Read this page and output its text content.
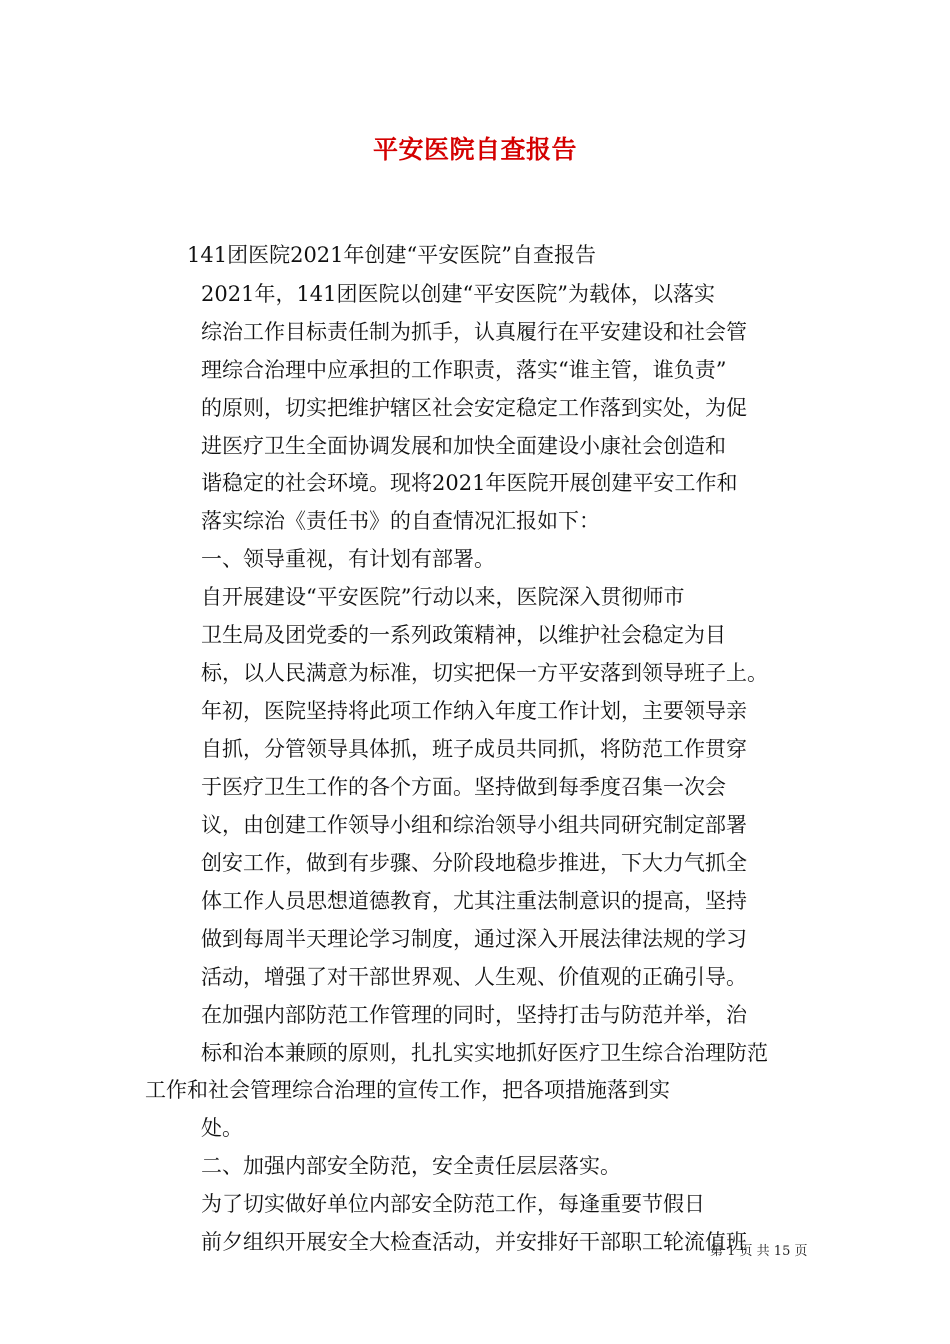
平安医院自查报告
141团医院2021年创建“平安医院”自查报告
2021年，141团医院以创建“平安医院”为载体，以落实
综治工作目标责任制为抓手，认真履行在平安建设和社会管
理综合治理中应承担的工作职责，落实“谁主管，谁负责”
的原则，切实把维护辖区社会安定稳定工作落到实处，为促
进医疗卫生全面协调发展和加快全面建设小康社会创造和
谐稳定的社会环境。现将2021年医院开展创建平安工作和
落实综治《责任书》的自查情况汇报如下：
一、领导重视，有计划有部署。
自开展建设“平安医院”行动以来，医院深入贯彻师市
卫生局及团党委的一系列政策精神，以维护社会稳定为目
标，以人民满意为标准，切实把保一方平安落到领导班子上。
年初，医院坚持将此项工作纳入年度工作计划，主要领导亲
自抓，分管领导具体抓，班子成员共同抓，将防范工作贯穿
于医疗卫生工作的各个方面。坚持做到每季度召集一次会
议，由创建工作领导小组和综治领导小组共同研究制定部署
创安工作，做到有步骤、分阶段地稳步推进，下大力气抓全
体工作人员思想道德教育，尤其注重法制意识的提高，坚持
做到每周半天理论学习制度，通过深入开展法律法规的学习
活动，增强了对干部世界观、人生观、价值观的正确引导。
在加强内部防范工作管理的同时，坚持打击与防范并举，治
标和治本兼顾的原则，扎扎实实地抓好医疗卫生综合治理防范
工作和社会管理综合治理的宣传工作，把各项措施落到实
处。
二、加强内部安全防范，安全责任层层落实。
为了切实做好单位内部安全防范工作，每逢重要节假日
前夕组织开展安全大检查活动，并安排好干部职工轮流值班
第 1 页 共 15 页
